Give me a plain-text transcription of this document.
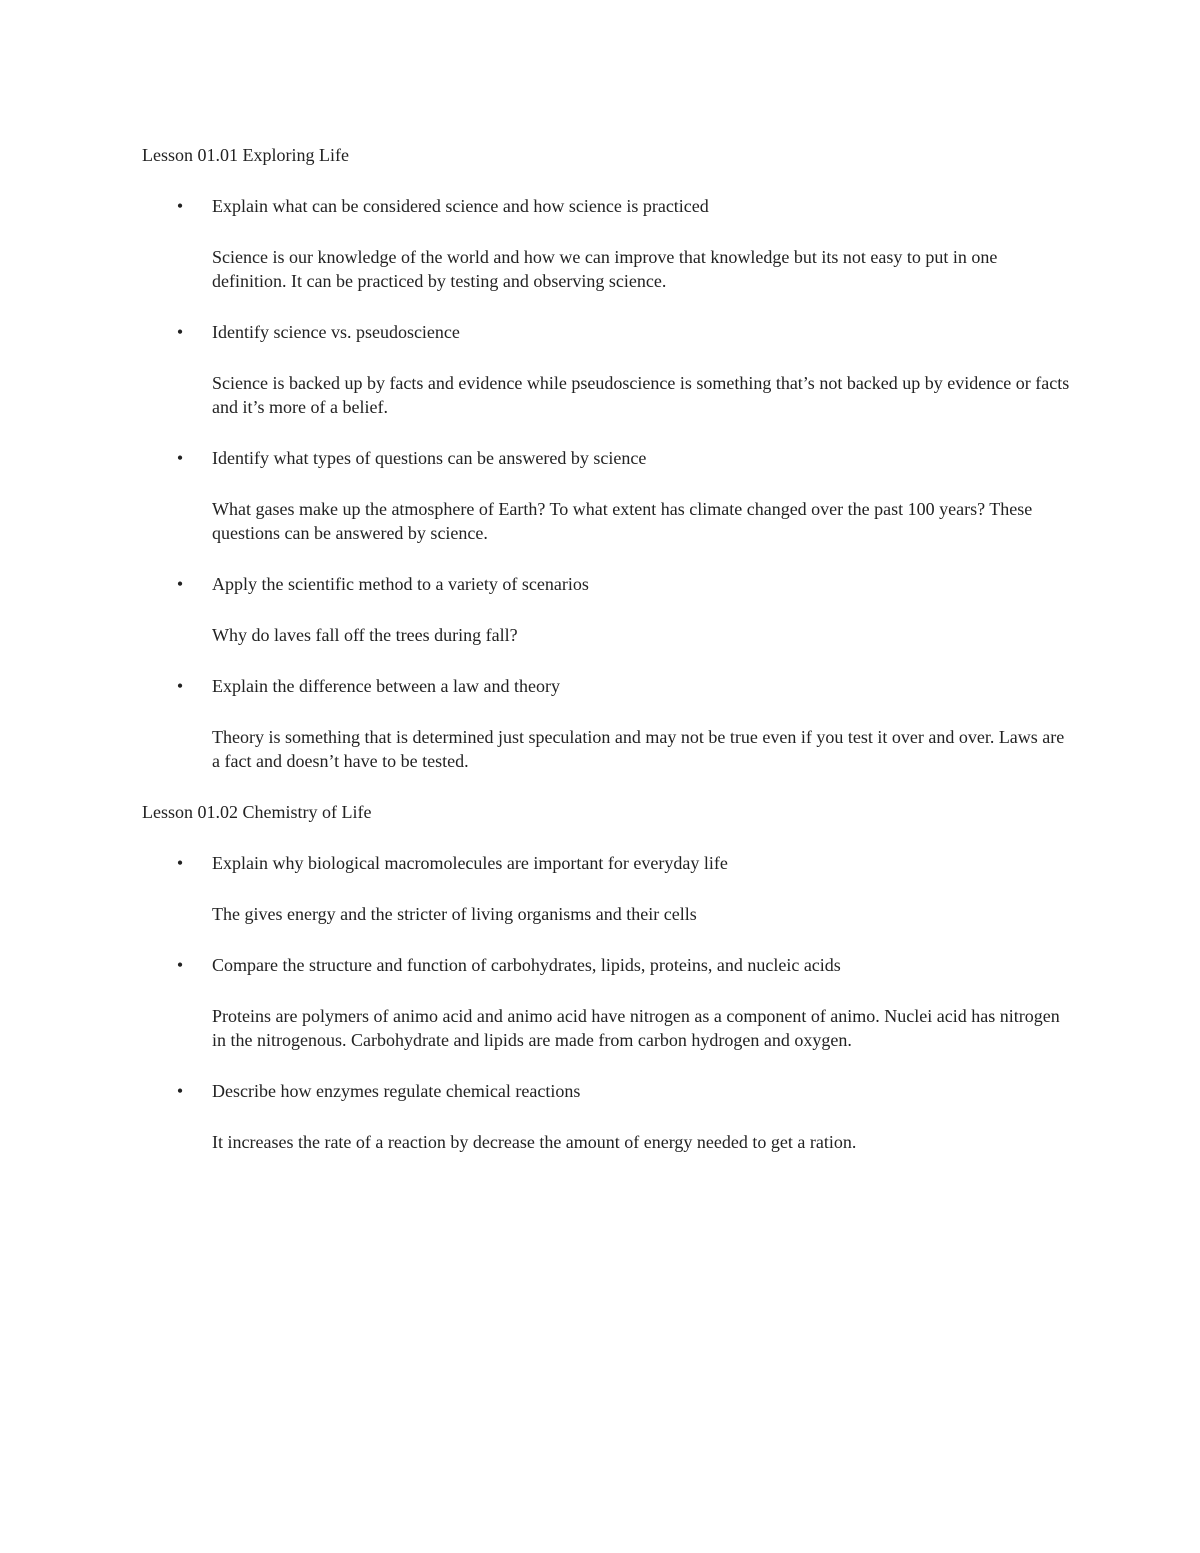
Lesson 01.01 Exploring Life
• Explain what can be considered science and how science is practiced

Science is our knowledge of the world and how we can improve that knowledge but its not easy to put in one definition. It can be practiced by testing and observing science.

• Identify science vs. pseudoscience

Science is backed up by facts and evidence while pseudoscience is something that’s not backed up by evidence or facts and it’s more of a belief.

• Identify what types of questions can be answered by science

What gases make up the atmosphere of Earth? To what extent has climate changed over the past 100 years? These questions can be answered by science.

• Apply the scientific method to a variety of scenarios

Why do laves fall off the trees during fall?

• Explain the difference between a law and theory

Theory is something that is determined just speculation and may not be true even if you test it over and over. Laws are a fact and doesn’t have to be tested.

Lesson 01.02 Chemistry of Life
• Explain why biological macromolecules are important for everyday life

The gives energy and the stricter of living organisms and their cells

• Compare the structure and function of carbohydrates, lipids, proteins, and nucleic acids

Proteins are polymers of animo acid and animo acid have nitrogen as a component of animo. Nuclei acid has nitrogen in the nitrogenous. Carbohydrate and lipids are made from carbon hydrogen and oxygen.

• Describe how enzymes regulate chemical reactions

It increases the rate of a reaction by decrease the amount of energy needed to get a ration.
